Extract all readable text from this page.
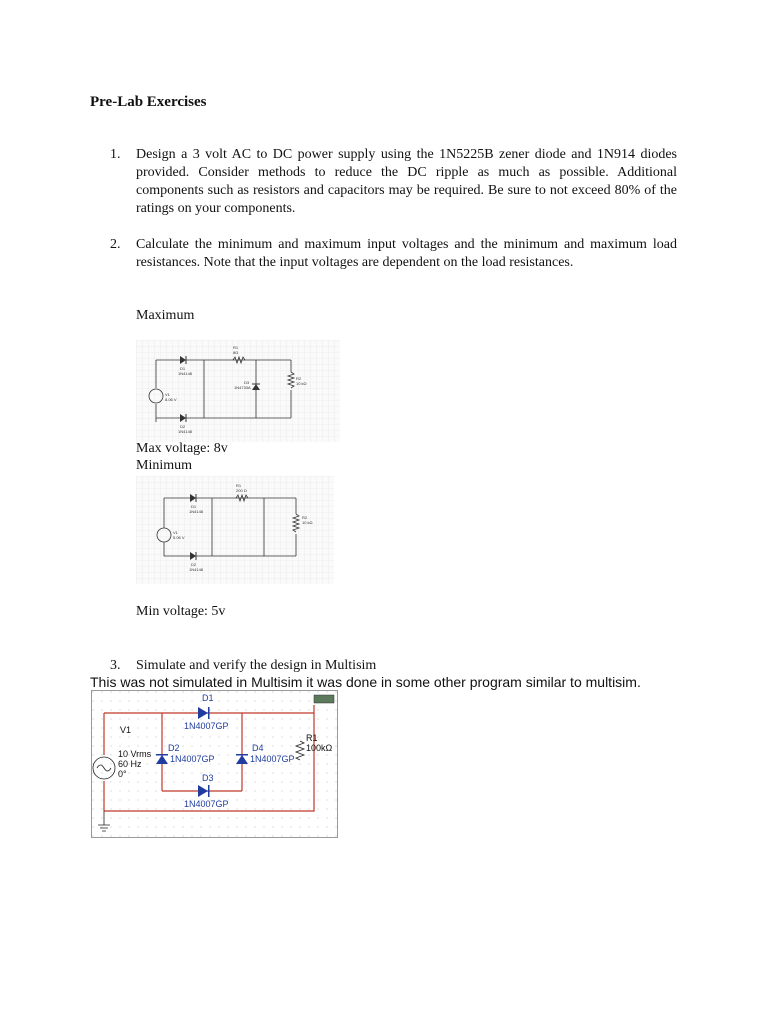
Pre-Lab Exercises
1. Design a 3 volt AC to DC power supply using the 1N5225B zener diode and 1N914 diodes provided. Consider methods to reduce the DC ripple as much as possible. Additional components such as resistors and capacitors may be required. Be sure to not exceed 80% of the ratings on your components.
2. Calculate the minimum and maximum input voltages and the minimum and maximum load resistances. Note that the input voltages are dependent on the load resistances.
Maximum
D1
1N4148
D2
1N4148
D3
1N4733A
R1
8Ω
R2
10 kΩ
V1
8.06 V
Max voltage: 8v
Minimum
D1
1N4148
D2
1N4148
R1
200 Ω
R2
10 kΩ
V1
5.06 V
Min voltage: 5v
3. Simulate and verify the design in Multisim
This was not simulated in Multisim it was done in some other program similar to multisim.
D1
1N4007GP
D2
1N4007GP
D4
1N4007GP
D3
1N4007GP
V1
10 Vrms
60 Hz
0°
R1
100kΩ
